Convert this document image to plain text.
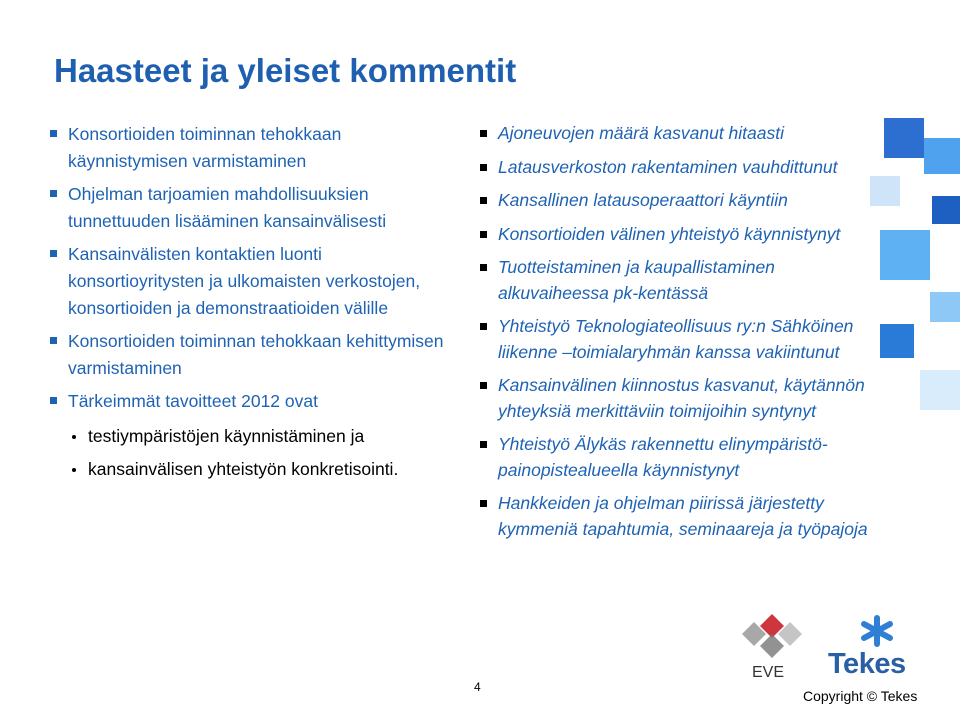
Haasteet ja yleiset kommentit
Konsortioiden toiminnan tehokkaan käynnistymisen varmistaminen
Ohjelman tarjoamien mahdollisuuksien tunnettuuden lisääminen kansainvälisesti
Kansainvälisten kontaktien luonti konsortioyritysten ja ulkomaisten verkostojen, konsortioiden ja demonstraatioiden välille
Konsortioiden toiminnan tehokkaan kehittymisen varmistaminen
Tärkeimmät tavoitteet 2012 ovat
testiympäristöjen käynnistäminen ja
kansainvälisen yhteistyön konkretisointi.
Ajoneuvojen määrä kasvanut hitaasti
Latausverkoston rakentaminen vauhdittunut
Kansallinen latausoperaattori käyntiin
Konsortioiden välinen yhteistyö käynnistynyt
Tuotteistaminen ja kaupallistaminen alkuvaiheessa pk-kentässä
Yhteistyö Teknologiateollisuus ry:n Sähköinen liikenne –toimialaryhmän kanssa vakiintunut
Kansainvälinen kiinnostus kasvanut, käytännön yhteyksiä merkittäviin toimijoihin syntynyt
Yhteistyö Älykäs rakennettu elinympäristö-painopistealueella käynnistynyt
Hankkeiden ja ohjelman piirissä järjestetty kymmeniä tapahtumia, seminaareja ja työpajoja
4
EVE Tekes
Copyright © Tekes
